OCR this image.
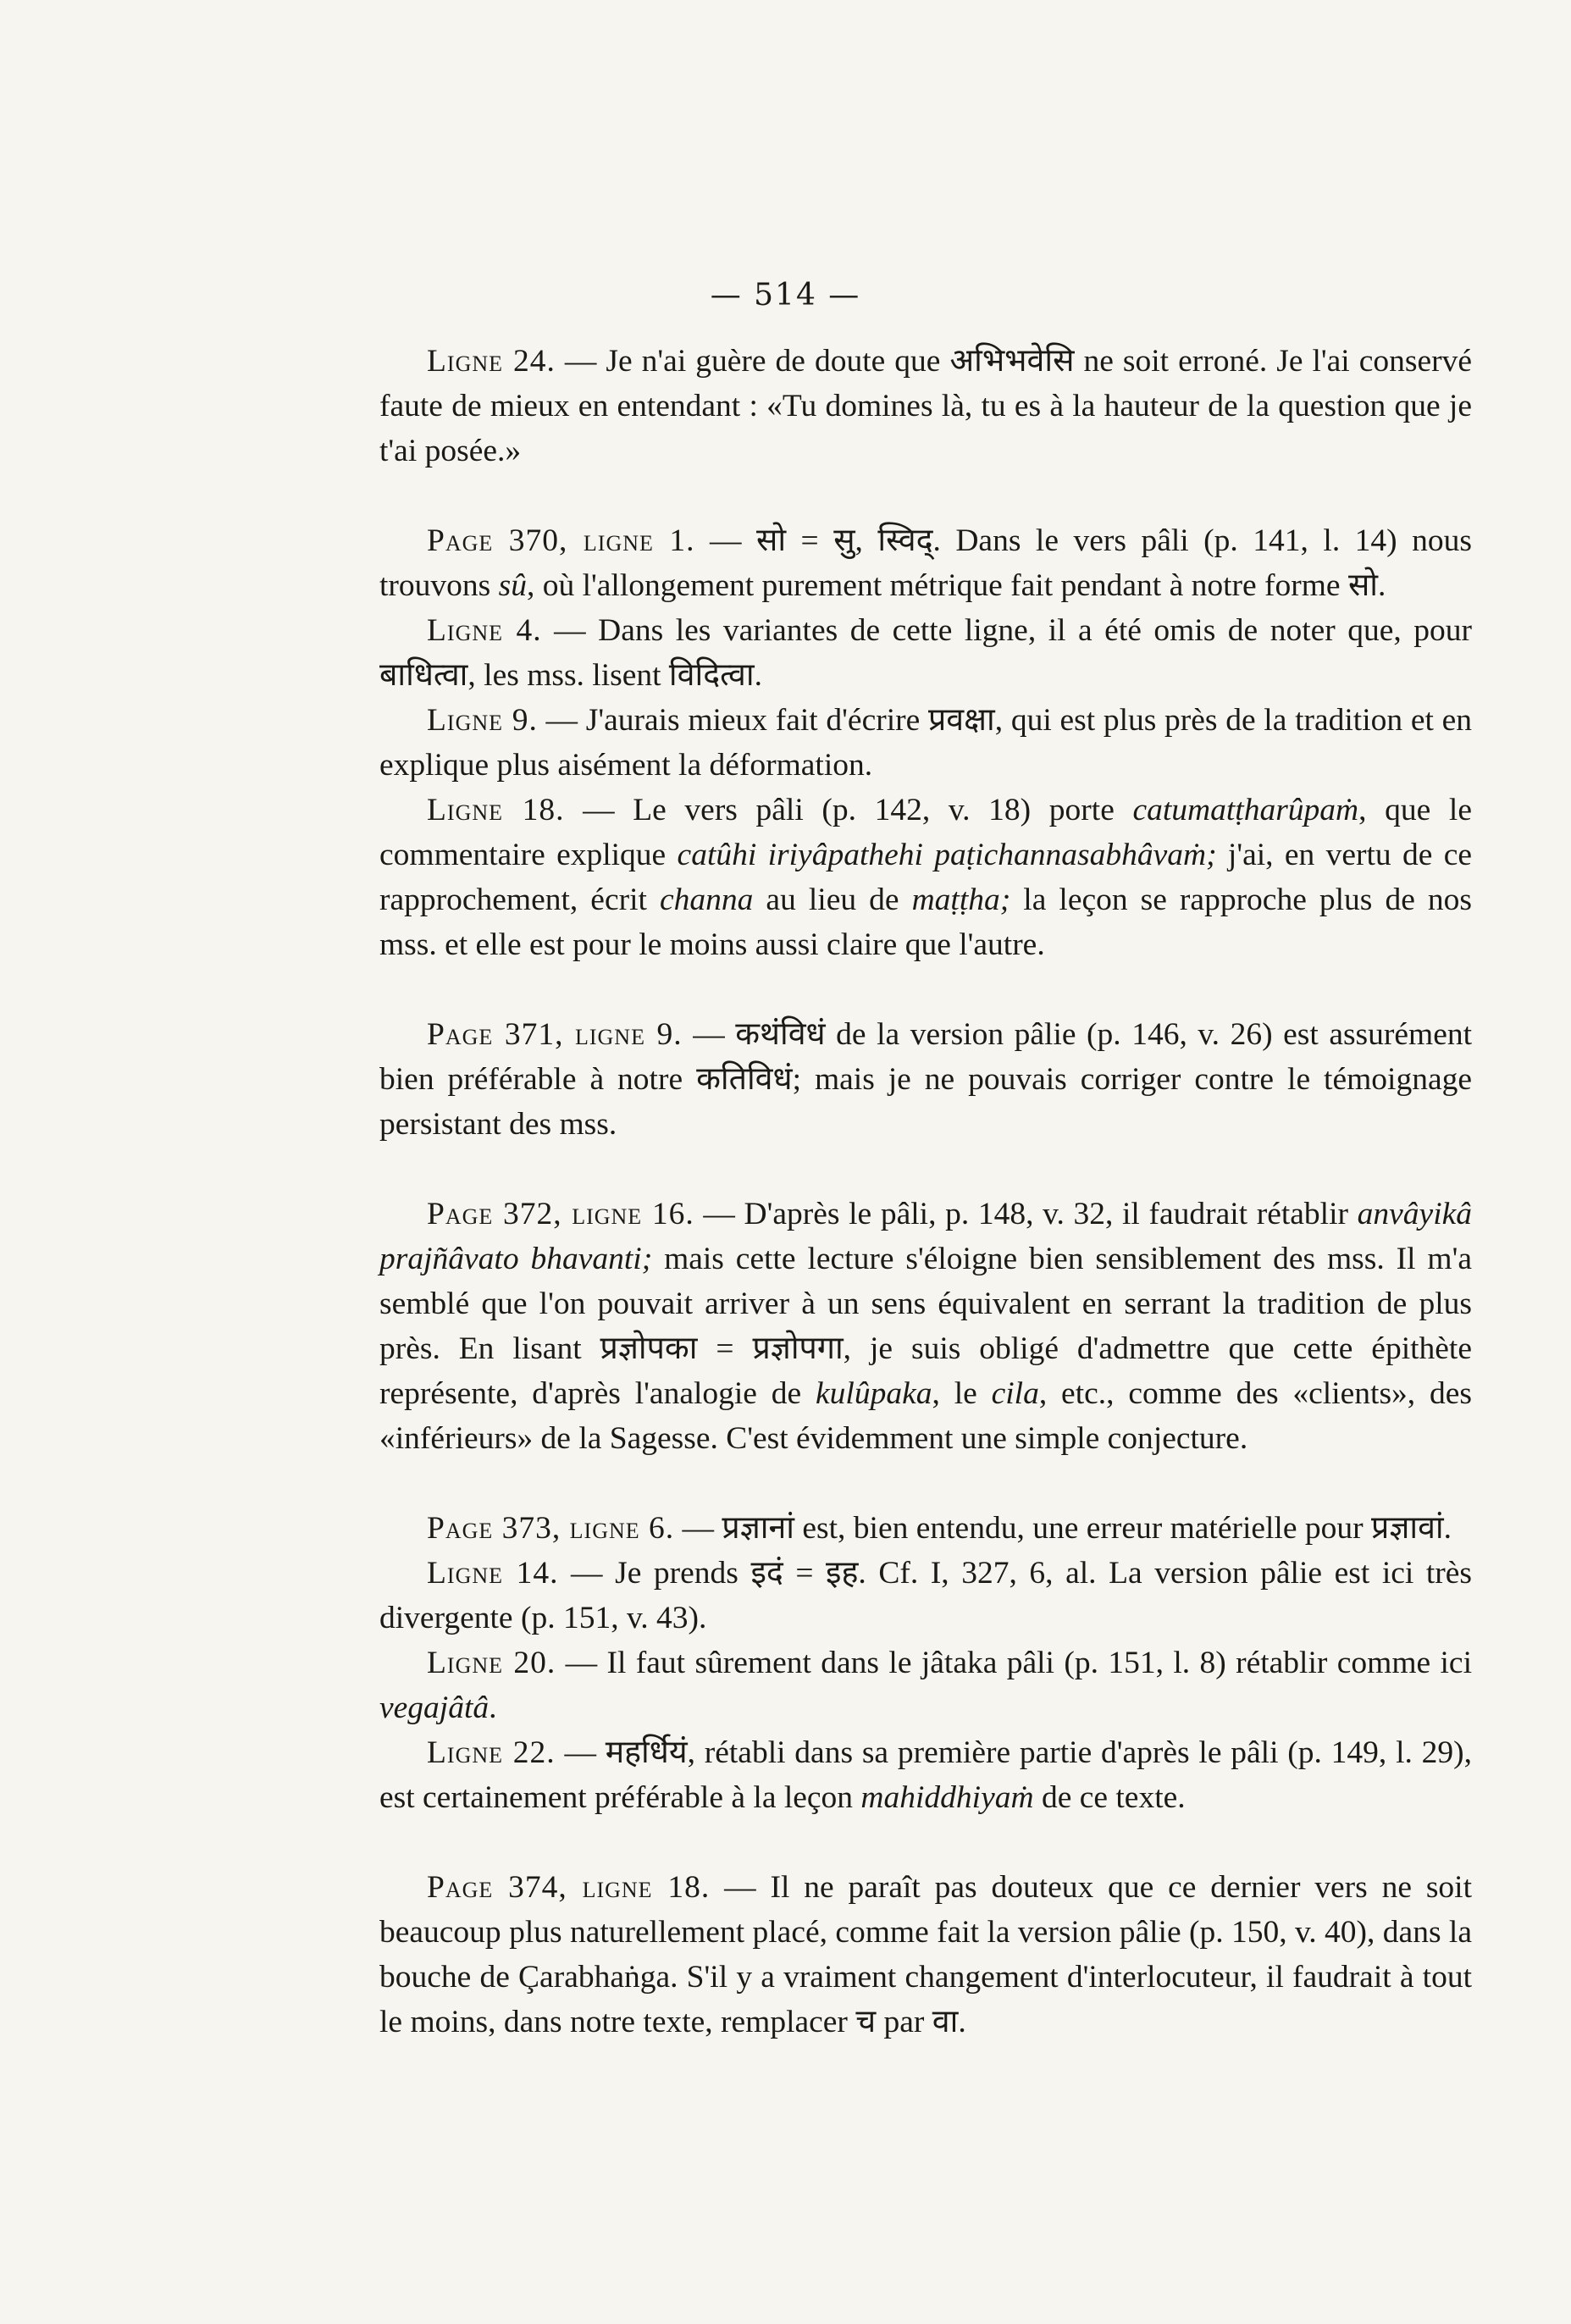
— 514 —

Ligne 24. — Je n'ai guère de doute que अभिभवेसि ne soit erroné. Je l'ai conservé faute de mieux en entendant : «Tu domines là, tu es à la hauteur de la question que je t'ai posée.»

Page 370, ligne 1. — सो = सु, स्विद्. Dans le vers pâli (p. 141, l. 14) nous trouvons sû, où l'allongement purement métrique fait pendant à notre forme सो.

Ligne 4. — Dans les variantes de cette ligne, il a été omis de noter que, pour बाधित्वा, les mss. lisent विदित्वा.

Ligne 9. — J'aurais mieux fait d'écrire प्रवक्षा, qui est plus près de la tradition et en explique plus aisément la déformation.

Ligne 18. — Le vers pâli (p. 142, v. 18) porte catumatṭharûpaṁ, que le commentaire explique catûhi iriyâpathehi paṭichannasabhâvaṁ; j'ai, en vertu de ce rapprochement, écrit channa au lieu de maṭṭha; la leçon se rapproche plus de nos mss. et elle est pour le moins aussi claire que l'autre.

Page 371, ligne 9. — कथंविधं de la version pâlie (p. 146, v. 26) est assurément bien préférable à notre कतिविधं; mais je ne pouvais corriger contre le témoignage persistant des mss.

Page 372, ligne 16. — D'après le pâli, p. 148, v. 32, il faudrait rétablir anvâyikâ prajñâvato bhavanti; mais cette lecture s'éloigne bien sensiblement des mss. Il m'a semblé que l'on pouvait arriver à un sens équivalent en serrant la tradition de plus près. En lisant प्रज्ञोपका = प्रज्ञोपगा, je suis obligé d'admettre que cette épithète représente, d'après l'analogie de kulûpaka, le cila, etc., comme des «clients», des «inférieurs» de la Sagesse. C'est évidemment une simple conjecture.

Page 373, ligne 6. — प्रज्ञानां est, bien entendu, une erreur matérielle pour प्रज्ञावां.

Ligne 14. — Je prends इदं = इह. Cf. I, 327, 6, al. La version pâlie est ici très divergente (p. 151, v. 43).

Ligne 20. — Il faut sûrement dans le jâtaka pâli (p. 151, l. 8) rétablir comme ici vegajâtâ.

Ligne 22. — महर्धियं, rétabli dans sa première partie d'après le pâli (p. 149, l. 29), est certainement préférable à la leçon mahiddhiyaṁ de ce texte.

Page 374, ligne 18. — Il ne paraît pas douteux que ce dernier vers ne soit beaucoup plus naturellement placé, comme fait la version pâlie (p. 150, v. 40), dans la bouche de Çarabhaṅga. S'il y a vraiment changement d'interlocuteur, il faudrait à tout le moins, dans notre texte, remplacer च par वा.
